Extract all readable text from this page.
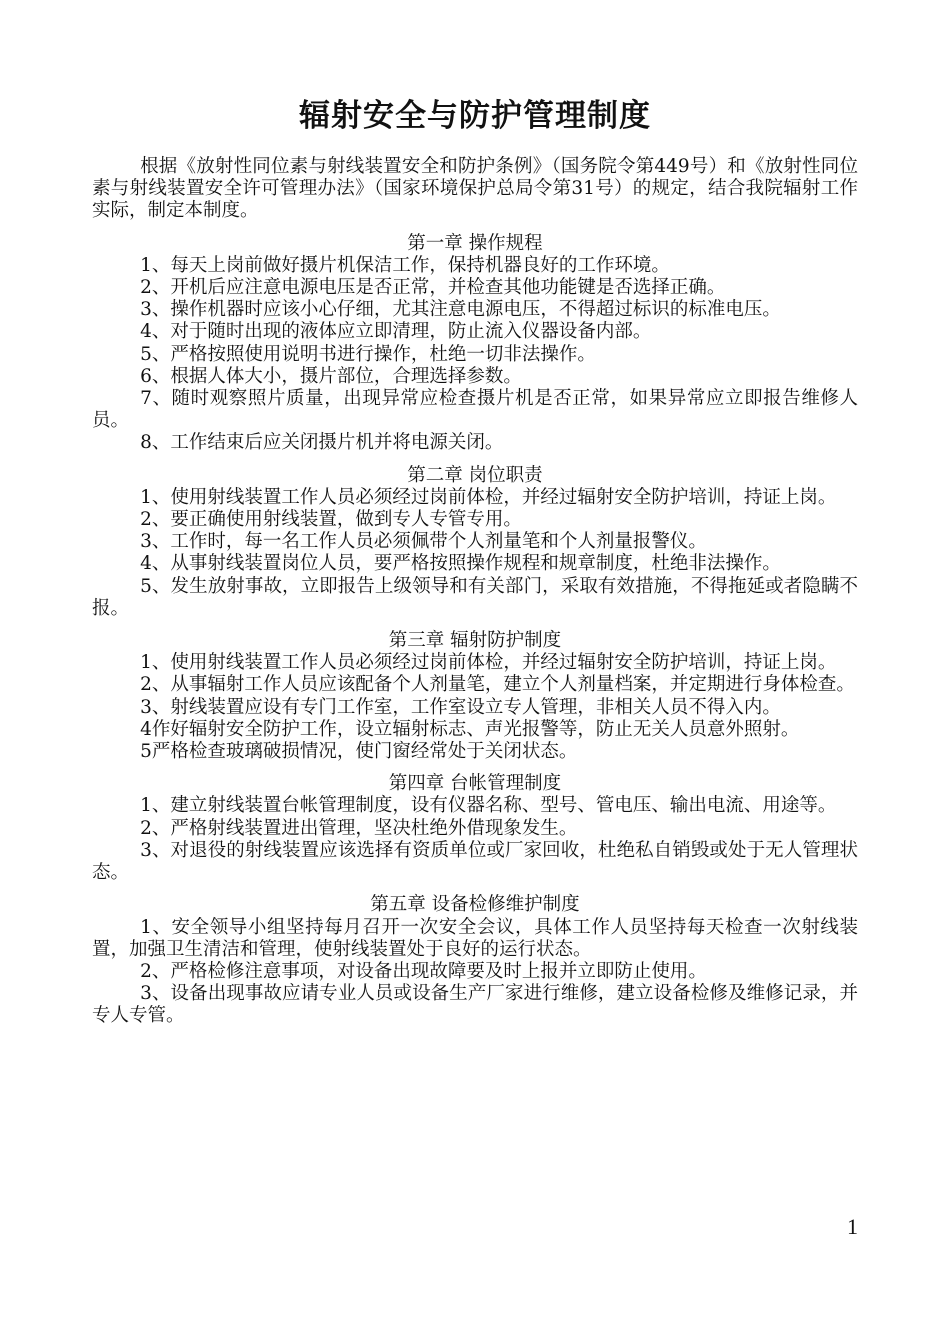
辐射安全与防护管理制度

根据《放射性同位素与射线装置安全和防护条例》（国务院令第449号）和《放射性同位素与射线装置安全许可管理办法》（国家环境保护总局令第31号）的规定，结合我院辐射工作实际，制定本制度。

第一章 操作规程

1、每天上岗前做好摄片机保洁工作，保持机器良好的工作环境。

2、开机后应注意电源电压是否正常，并检查其他功能键是否选择正确。

3、操作机器时应该小心仔细，尤其注意电源电压，不得超过标识的标准电压。

4、对于随时出现的液体应立即清理，防止流入仪器设备内部。

5、严格按照使用说明书进行操作，杜绝一切非法操作。

6、根据人体大小，摄片部位，合理选择参数。

7、随时观察照片质量，出现异常应检查摄片机是否正常，如果异常应立即报告维修人员。

8、工作结束后应关闭摄片机并将电源关闭。

第二章 岗位职责

1、使用射线装置工作人员必须经过岗前体检，并经过辐射安全防护培训，持证上岗。

2、要正确使用射线装置，做到专人专管专用。

3、工作时，每一名工作人员必须佩带个人剂量笔和个人剂量报警仪。

4、从事射线装置岗位人员，要严格按照操作规程和规章制度，杜绝非法操作。

5、发生放射事故，立即报告上级领导和有关部门，采取有效措施，不得拖延或者隐瞒不报。

第三章 辐射防护制度

1、使用射线装置工作人员必须经过岗前体检，并经过辐射安全防护培训，持证上岗。

2、从事辐射工作人员应该配备个人剂量笔，建立个人剂量档案，并定期进行身体检查。

3、射线装置应设有专门工作室，工作室设立专人管理，非相关人员不得入内。

4作好辐射安全防护工作，设立辐射标志、声光报警等，防止无关人员意外照射。

5严格检查玻璃破损情况，使门窗经常处于关闭状态。

第四章 台帐管理制度

1、建立射线装置台帐管理制度，设有仪器名称、型号、管电压、输出电流、用途等。

2、严格射线装置进出管理，坚决杜绝外借现象发生。

3、对退役的射线装置应该选择有资质单位或厂家回收，杜绝私自销毁或处于无人管理状态。

第五章 设备检修维护制度

1、安全领导小组坚持每月召开一次安全会议，具体工作人员坚持每天检查一次射线装置，加强卫生清洁和管理，使射线装置处于良好的运行状态。

2、严格检修注意事项，对设备出现故障要及时上报并立即防止使用。

3、设备出现事故应请专业人员或设备生产厂家进行维修，建立设备检修及维修记录，并专人专管。

1
